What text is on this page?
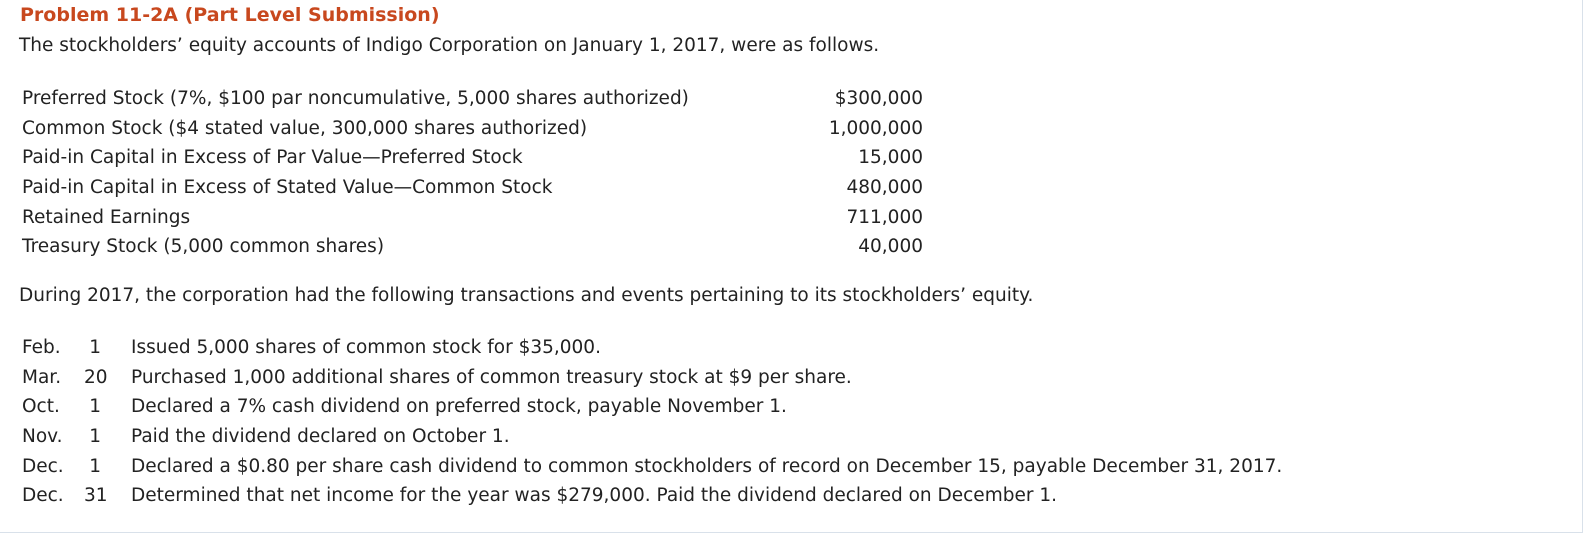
Problem 11-2A (Part Level Submission)
The stockholders’ equity accounts of Indigo Corporation on January 1, 2017, were as follows.
Preferred Stock (7%, $100 par noncumulative, 5,000 shares authorized)	$300,000
Common Stock ($4 stated value, 300,000 shares authorized)	1,000,000
Paid-in Capital in Excess of Par Value—Preferred Stock	15,000
Paid-in Capital in Excess of Stated Value—Common Stock	480,000
Retained Earnings	711,000
Treasury Stock (5,000 common shares)	40,000
During 2017, the corporation had the following transactions and events pertaining to its stockholders’ equity.
Feb. 1	Issued 5,000 shares of common stock for $35,000.
Mar. 20	Purchased 1,000 additional shares of common treasury stock at $9 per share.
Oct. 1	Declared a 7% cash dividend on preferred stock, payable November 1.
Nov. 1	Paid the dividend declared on October 1.
Dec. 1	Declared a $0.80 per share cash dividend to common stockholders of record on December 15, payable December 31, 2017.
Dec. 31	Determined that net income for the year was $279,000. Paid the dividend declared on December 1.
